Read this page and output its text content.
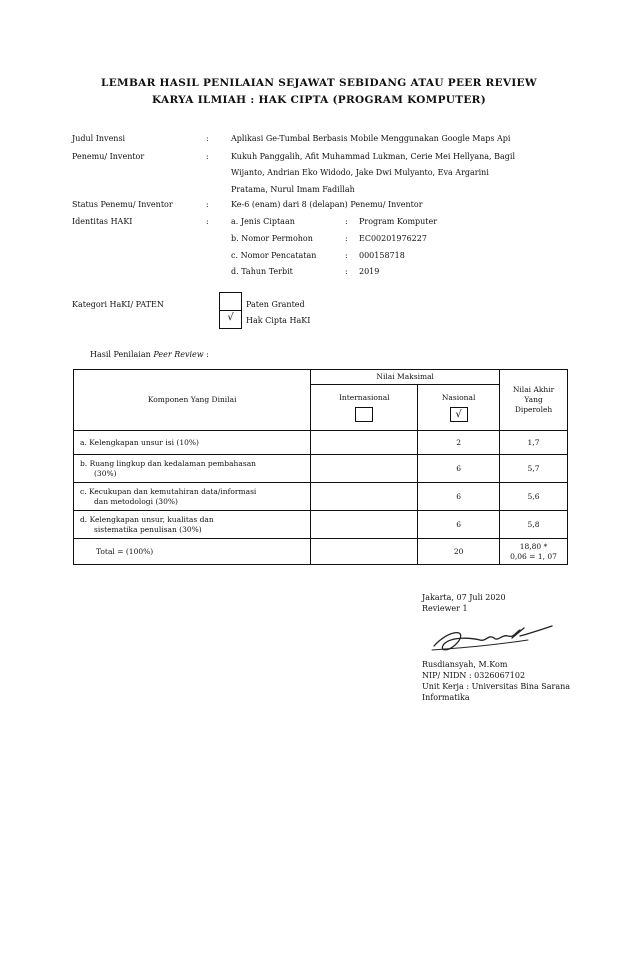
LEMBAR HASIL PENILAIAN SEJAWAT SEBIDANG ATAU PEER REVIEW
KARYA ILMIAH : HAK CIPTA (PROGRAM KOMPUTER)
Judul Invensi	:	Aplikasi Ge-Tumbal Berbasis Mobile Menggunakan Google Maps Api
Penemu/ Inventor	:	Kukuh Panggalih, Afit Muhammad Lukman, Cerie Mei Hellyana, Bagil
Wijanto, Andrian Eko Widodo, Jake Dwi Mulyanto, Eva Argarini
Pratama, Nurul Imam Fadillah
Status Penemu/ Inventor	:	Ke-6 (enam) dari 8 (delapan) Penemu/ Inventor
Identitas HAKI	:	a. Jenis Ciptaan	: Program Komputer
b. Nomor Permohon	: EC00201976227
c. Nomor Pencatatan	: 000158718
d. Tahun Terbit	: 2019
Kategori HaKI/ PATEN	Paten Granted
√	Hak Cipta HaKI
Hasil Penilaian Peer Review :
Komponen Yang Dinilai	Nilai Maksimal		Nilai Akhir
Yang
Diperoleh

	Internasional	Nasional
√	

a. Kelengkapan unsur isi (10%)		2	1,7

b. Ruang lingkup dan kedalaman pembahasan
(30%)		6	5,7

c. Kecukupan dan kemutahiran data/informasi
dan metodologi (30%)		6	5,6

d. Kelengkapan unsur, kualitas dan
sistematika penulisan (30%)		6	5,8
Total = (100%)		20	18,80 *
0,06 = 1, 07
Jakarta, 07 Juli 2020
Reviewer 1
Rusdiansyah, M.Kom
NIP/ NIDN : 0326067102
Unit Kerja : Universitas Bina Sarana
Informatika
